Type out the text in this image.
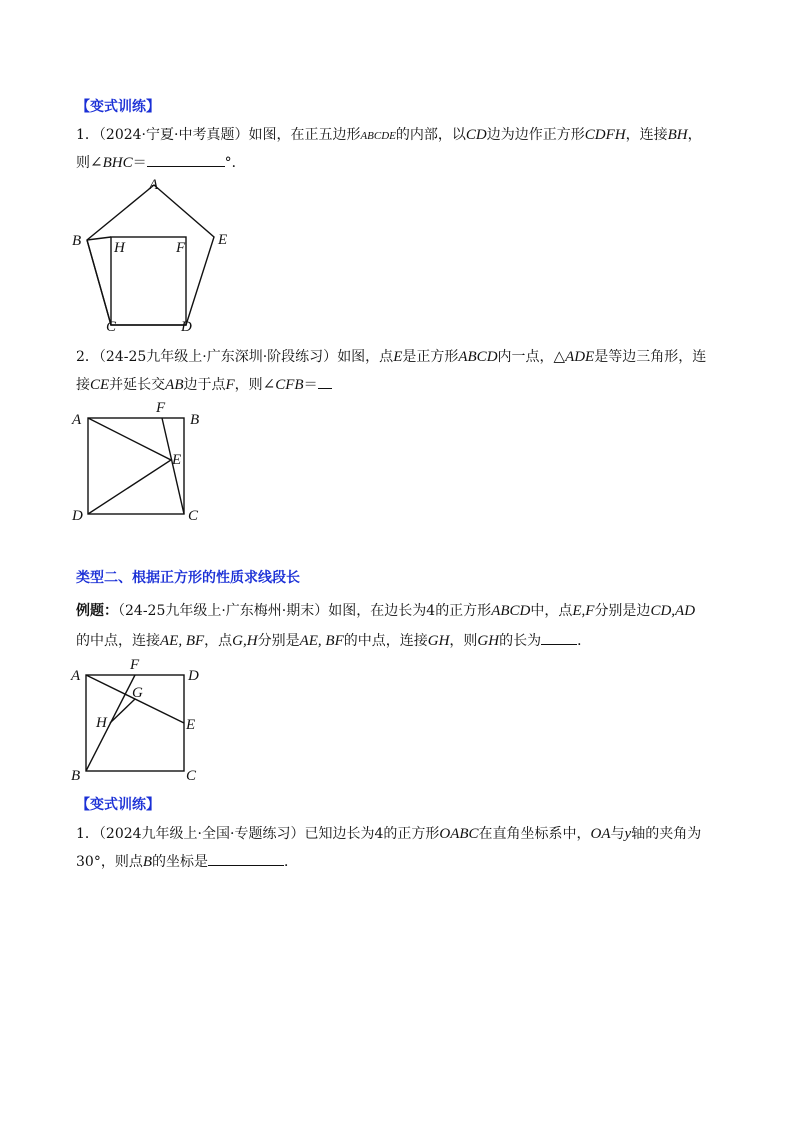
【变式训练】
1．（2024·宁夏·中考真题）如图，在正五边形ABCDE的内部，以CD边为边作正方形CDFH，连接BH，
则∠BHC＝	°．
A
B H	F E
C	D
2．（24-25九年级上·广东深圳·阶段练习）如图，点E是正方形ABCD内一点，△ADE是等边三角形，连
接CE并延长交AB边于点F，则∠CFB＝
A
F
B
E
D	C
类型二、根据正方形的性质求线段长
例题：（24-25九年级上·广东梅州·期末）如图，在边长为4的正方形ABCD中，点E,F分别是边CD,AD
的中点，连接AE, BF，点G,H分别是AE, BF的中点，连接GH，则GH的长为	．
A
F
D
G
H	E
B	C
【变式训练】
1．（2024九年级上·全国·专题练习）已知边长为4的正方形OABC在直角坐标系中，OA与y轴的夹角为
30°，则点B的坐标是	．
